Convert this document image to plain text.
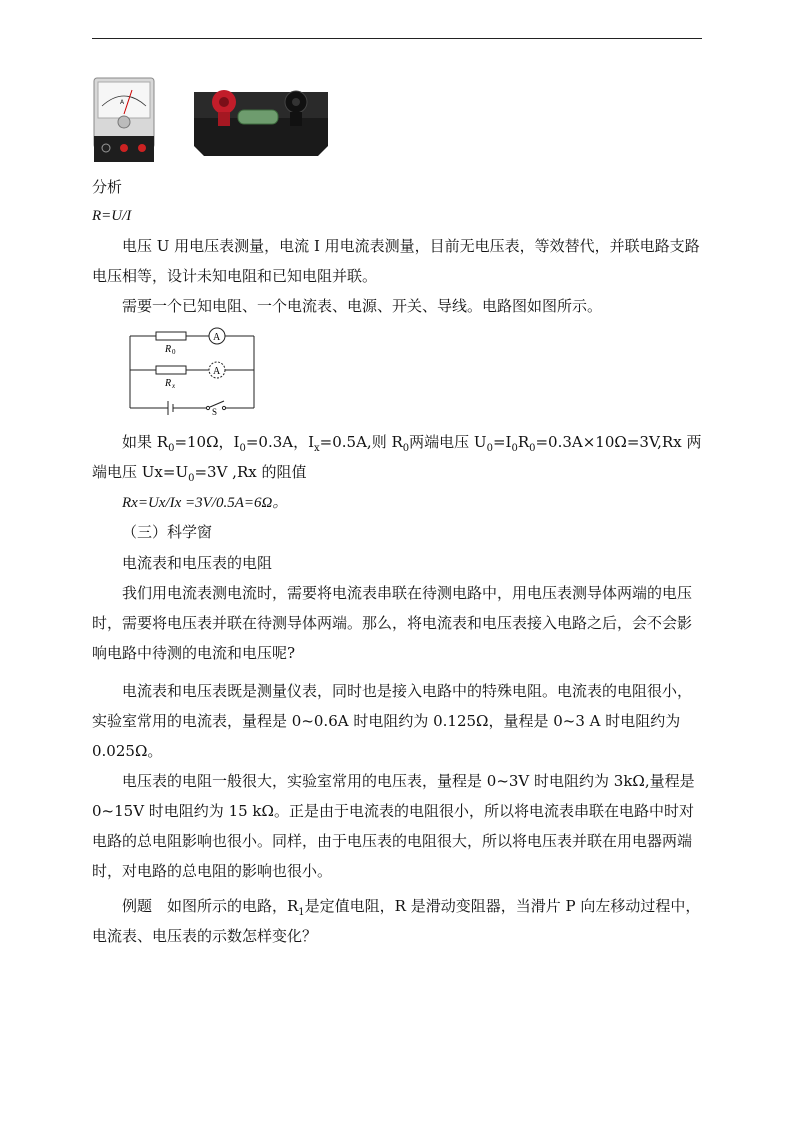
A

分析

R=U/I

电压 U 用电压表测量，电流 I 用电流表测量，目前无电压表，等效替代，并联电路支路电压相等，设计未知电阻和已知电阻并联。

需要一个已知电阻、一个电流表、电源、开关、导线。电路图如图所示。

A
A
R 0
R x
S

如果 $R_0=10\Omega$，$I_0=0.3A$，$I_x=0.5A$,则 $R_0$两端电压 $U_0=I_0R_0=0.3A\times 10\Omega=3V,Rx$ 两端电压 $Ux=U_0=3V$ ,Rx 的阻值

Rx=Ux/Ix =3V/0.5A=6Ω。

（三）科学窗

电流表和电压表的电阻

我们用电流表测电流时，需要将电流表串联在待测电路中，用电压表测导体两端的电压时，需要将电压表并联在待测导体两端。那么，将电流表和电压表接入电路之后，会不会影响电路中待测的电流和电压呢?

电流表和电压表既是测量仪表，同时也是接入电路中的特殊电阻。电流表的电阻很小，实验室常用的电流表，量程是 0~0.6A 时电阻约为 0.125Ω，量程是 0~3 A 时电阻约为 0.025Ω。

电压表的电阻一般很大，实验室常用的电压表，量程是 0~3V 时电阻约为 3kΩ,量程是 0~15V 时电阻约为 15 kΩ。正是由于电流表的电阻很小，所以将电流表串联在电路中时对电路的总电阻影响也很小。同样，由于电压表的电阻很大，所以将电压表并联在用电器两端时，对电路的总电阻的影响也很小。

例题　如图所示的电路，$R_1$是定值电阻，R 是滑动变阻器，当滑片 P 向左移动过程中，电流表、电压表的示数怎样变化？
